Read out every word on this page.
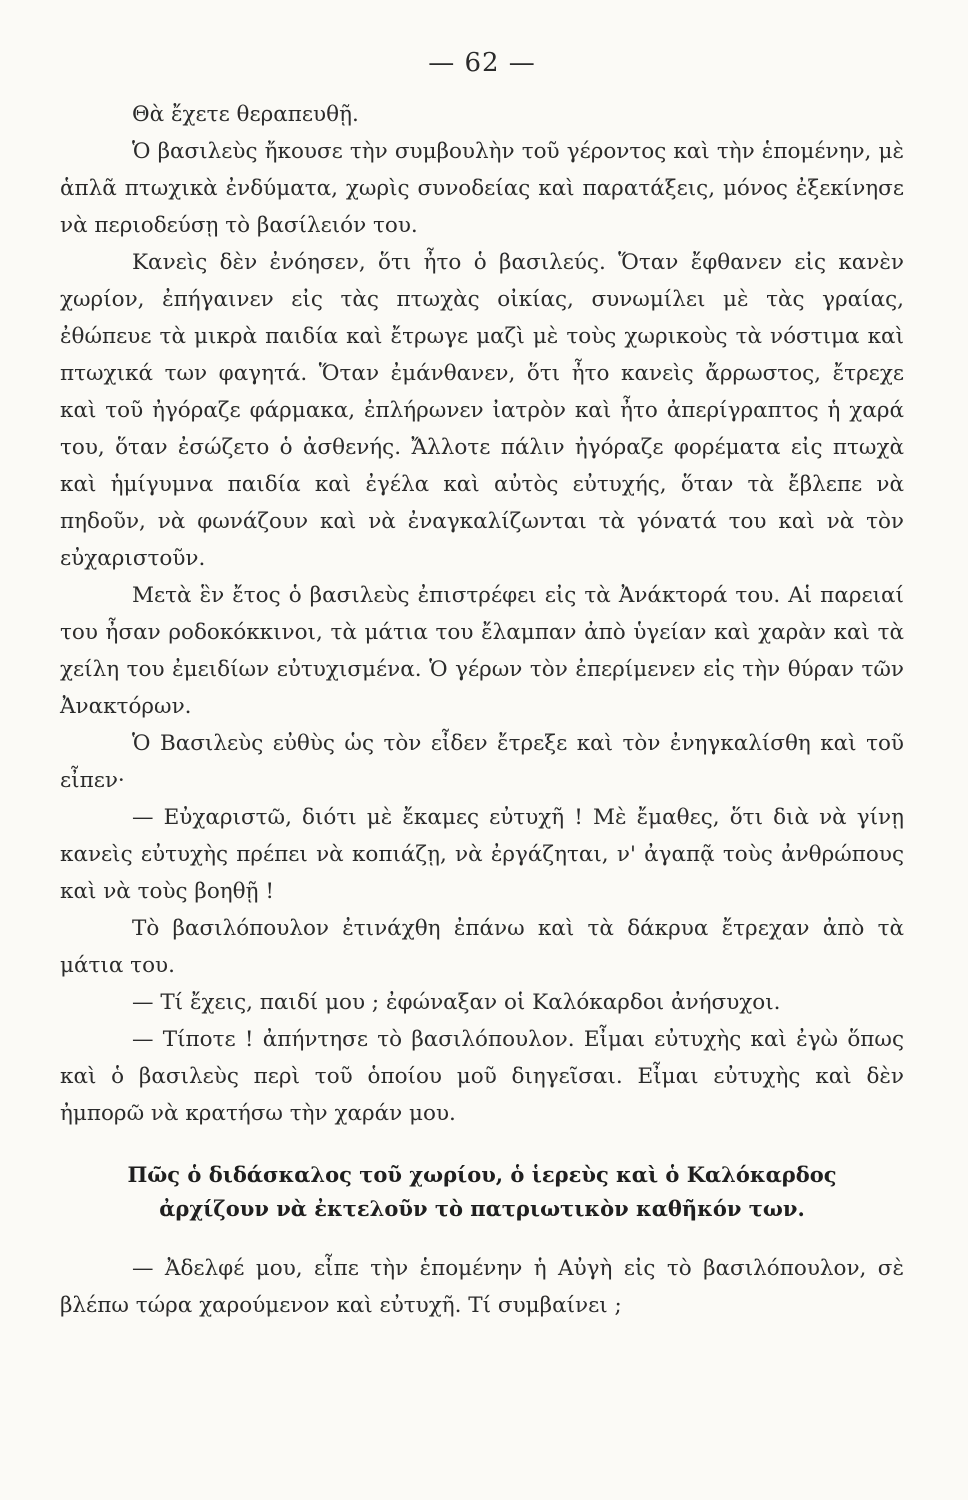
— 62 —

Θὰ ἔχετε θεραπευθῇ.

Ὁ βασιλεὺς ἤκουσε τὴν συμβουλὴν τοῦ γέροντος καὶ τὴν ἑπομένην, μὲ ἁπλᾶ πτωχικὰ ἐνδύματα, χωρὶς συνοδείας καὶ παρατάξεις, μόνος ἐξεκίνησε νὰ περιοδεύσῃ τὸ βασίλειόν του.

Κανεὶς δὲν ἐνόησεν, ὅτι ἦτο ὁ βασιλεύς. Ὅταν ἔφθανεν εἰς κανὲν χωρίον, ἐπήγαινεν εἰς τὰς πτωχὰς οἰκίας, συνωμίλει μὲ τὰς γραίας, ἐθώπευε τὰ μικρὰ παιδία καὶ ἔτρωγε μαζὶ μὲ τοὺς χωρικοὺς τὰ νόστιμα καὶ πτωχικά των φαγητά. Ὅταν ἐμάνθανεν, ὅτι ἦτο κανεὶς ἄρρωστος, ἔτρεχε καὶ τοῦ ἠγόραζε φάρμακα, ἐπλήρωνεν ἰατρὸν καὶ ἦτο ἀπερίγραπτος ἡ χαρά του, ὅταν ἐσώζετο ὁ ἀσθενής. Ἄλλοτε πάλιν ἠγόραζε φορέματα εἰς πτωχὰ καὶ ἡμίγυμνα παιδία καὶ ἐγέλα καὶ αὐτὸς εὐτυχής, ὅταν τὰ ἔβλεπε νὰ πηδοῦν, νὰ φωνάζουν καὶ νὰ ἐναγκαλίζωνται τὰ γόνατά του καὶ νὰ τὸν εὐχαριστοῦν.

Μετὰ ἓν ἔτος ὁ βασιλεὺς ἐπιστρέφει εἰς τὰ Ἀνάκτορά του. Αἱ παρειαί του ἦσαν ροδοκόκκινοι, τὰ μάτια του ἔλαμπαν ἀπὸ ὑγείαν καὶ χαρὰν καὶ τὰ χείλη του ἐμειδίων εὐτυχισμένα. Ὁ γέρων τὸν ἐπερίμενεν εἰς τὴν θύραν τῶν Ἀνακτόρων.

Ὁ Βασιλεὺς εὐθὺς ὡς τὸν εἶδεν ἔτρεξε καὶ τὸν ἐνηγκαλίσθη καὶ τοῦ εἶπεν·

— Εὐχαριστῶ, διότι μὲ ἔκαμες εὐτυχῆ ! Μὲ ἔμαθες, ὅτι διὰ νὰ γίνῃ κανεὶς εὐτυχὴς πρέπει νὰ κοπιάζῃ, νὰ ἐργάζηται, ν' ἀγαπᾷ τοὺς ἀνθρώπους καὶ νὰ τοὺς βοηθῇ !

Τὸ βασιλόπουλον ἐτινάχθη ἐπάνω καὶ τὰ δάκρυα ἔτρεχαν ἀπὸ τὰ μάτια του.

— Τί ἔχεις, παιδί μου ; ἐφώναξαν οἱ Καλόκαρδοι ἀνήσυχοι.

— Τίποτε ! ἀπήντησε τὸ βασιλόπουλον. Εἶμαι εὐτυχὴς καὶ ἐγὼ ὅπως καὶ ὁ βασιλεὺς περὶ τοῦ ὁποίου μοῦ διηγεῖσαι. Εἶμαι εὐτυχὴς καὶ δὲν ἠμπορῶ νὰ κρατήσω τὴν χαράν μου.

Πῶς ὁ διδάσκαλος τοῦ χωρίου, ὁ ἱερεὺς καὶ ὁ Καλόκαρδος ἀρχίζουν νὰ ἐκτελοῦν τὸ πατριωτικὸν καθῆκόν των.

— Ἀδελφέ μου, εἶπε τὴν ἑπομένην ἡ Αὐγὴ εἰς τὸ βασιλόπουλον, σὲ βλέπω τώρα χαρούμενον καὶ εὐτυχῆ. Τί συμβαίνει ;
